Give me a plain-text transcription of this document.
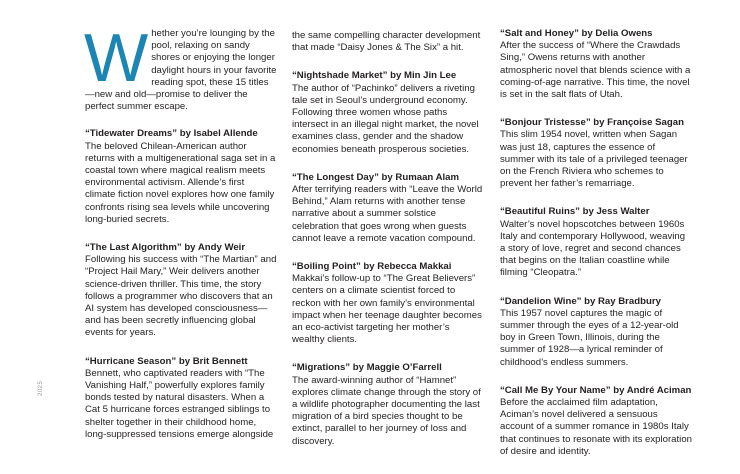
2025

Whether you’re lounging by the pool, relaxing on sandy shores or enjoying the longer daylight hours in your favorite reading spot, these 15 titles—new and old—promise to deliver the perfect summer escape.

“Tidewater Dreams” by Isabel Allende

The beloved Chilean-American author returns with a multigenerational saga set in a coastal town where magical realism meets environmental activism. Allende’s first climate fiction novel explores how one family confronts rising sea levels while uncovering long-buried secrets.

“The Last Algorithm” by Andy Weir

Following his success with “The Martian” and “Project Hail Mary,” Weir delivers another science-driven thriller. This time, the story follows a programmer who discovers that an AI system has developed consciousness—and has been secretly influencing global events for years.

“Hurricane Season” by Brit Bennett

Bennett, who captivated readers with “The Vanishing Half,” powerfully explores family bonds tested by natural disasters. When a Cat 5 hurricane forces estranged siblings to shelter together in their childhood home, long-suppressed tensions emerge alongside

the same compelling character development that made “Daisy Jones & The Six” a hit.

“Nightshade Market” by Min Jin Lee

The author of “Pachinko” delivers a riveting tale set in Seoul’s underground economy. Following three women whose paths intersect in an illegal night market, the novel examines class, gender and the shadow economies beneath prosperous societies.

“The Longest Day” by Rumaan Alam

After terrifying readers with “Leave the World Behind,” Alam returns with another tense narrative about a summer solstice celebration that goes wrong when guests cannot leave a remote vacation compound.

“Boiling Point” by Rebecca Makkai

Makkai’s follow-up to “The Great Believers” centers on a climate scientist forced to reckon with her own family’s environmental impact when her teenage daughter becomes an eco-activist targeting her mother’s wealthy clients.

“Migrations” by Maggie O’Farrell

The award-winning author of “Hamnet” explores climate change through the story of a wildlife photographer documenting the last migration of a bird species thought to be extinct, parallel to her journey of loss and discovery.

“Salt and Honey” by Delia Owens

After the success of “Where the Crawdads Sing,” Owens returns with another atmospheric novel that blends science with a coming-of-age narrative. This time, the novel is set in the salt flats of Utah.

“Bonjour Tristesse” by Françoise Sagan

This slim 1954 novel, written when Sagan was just 18, captures the essence of summer with its tale of a privileged teenager on the French Riviera who schemes to prevent her father’s remarriage.

“Beautiful Ruins” by Jess Walter

Walter’s novel hopscotches between 1960s Italy and contemporary Hollywood, weaving a story of love, regret and second chances that begins on the Italian coastline while filming “Cleopatra.”

“Dandelion Wine” by Ray Bradbury

This 1957 novel captures the magic of summer through the eyes of a 12-year-old boy in Green Town, Illinois, during the summer of 1928—a lyrical reminder of childhood’s endless summers.

“Call Me By Your Name” by André Aciman

Before the acclaimed film adaptation, Aciman’s novel delivered a sensuous account of a summer romance in 1980s Italy that continues to resonate with its exploration of desire and identity.
